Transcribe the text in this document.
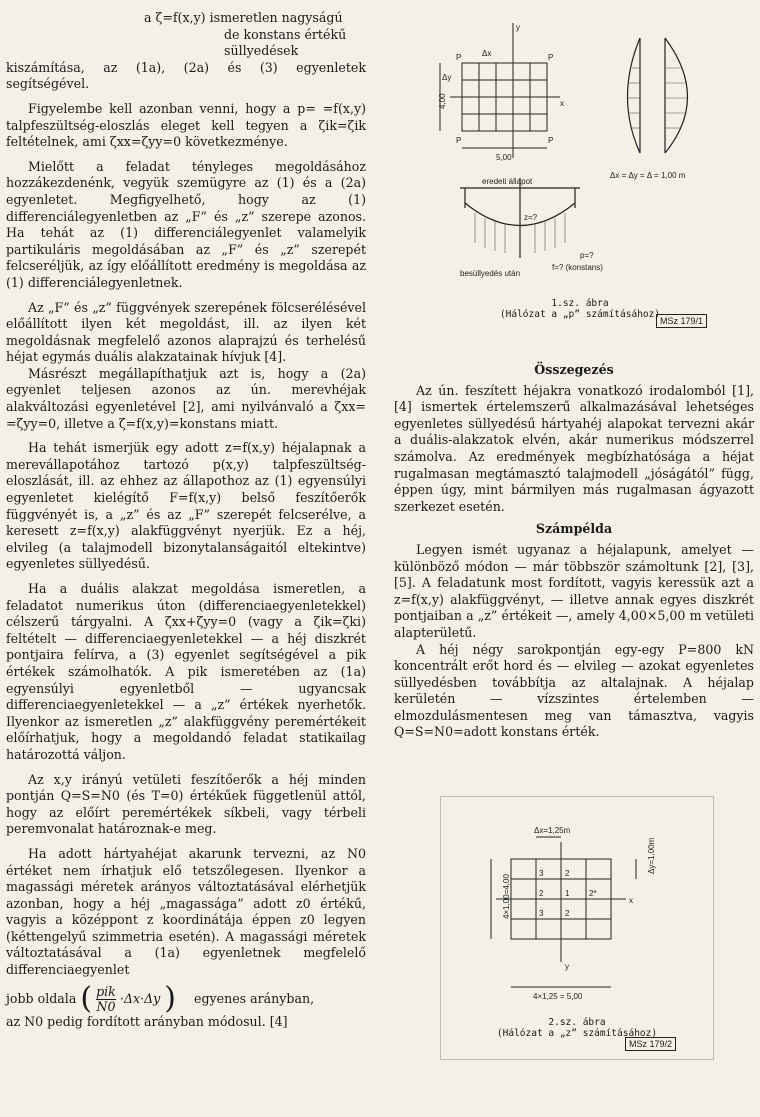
a ζ=f(x,y) ismeretlen nagyságú

de konstans értékű

süllyedések

kiszámítása, az (1a), (2a) és (3) egyenletek segítségével.

Figyelembe kell azonban venni, hogy a p= =f(x,y) talpfeszültség-eloszlás eleget kell tegyen a ζik=ζik feltételnek, ami ζxx=ζyy=0 következménye.

Mielőtt a feladat tényleges megoldásához hozzákezdenénk, vegyük szemügyre az (1) és a (2a) egyenletet. Megfigyelhető, hogy az (1) differenciálegyenletben az „F” és „z” szerepe azonos. Ha tehát az (1) differenciálegyenlet valamelyik partikuláris megoldásában az „F” és „z” szerepét felcseréljük, az így előállított eredmény is megoldása az (1) differenciálegyenletnek.

Az „F” és „z” függvények szerepének fölcserélésével előállított ilyen két megoldást, ill. az ilyen két megoldásnak megfelelő azonos alaprajzú és terhelésű héjat egymás duális alakzatainak hívjuk [4].

Másrészt megállapíthatjuk azt is, hogy a (2a) egyenlet teljesen azonos az ún. merevhéjak alakváltozási egyenletével [2], ami nyilvánvaló a ζxx= =ζyy=0, illetve a ζ=f(x,y)=konstans miatt.

Ha tehát ismerjük egy adott z=f(x,y) héjalapnak a merevállapotához tartozó p(x,y) talpfeszültség-eloszlását, ill. az ehhez az állapothoz az (1) egyensúlyi egyenletet kielégítő F=f(x,y) belső feszítőerők függvényét is, a „z” és az „F” szerepét felcserélve, a keresett z=f(x,y) alakfüggvényt nyerjük. Ez a héj, elvileg (a talajmodell bizonytalanságaitól eltekintve) egyenletes süllyedésű.

Ha a duális alakzat megoldása ismeretlen, a feladatot numerikus úton (differenciaegyenletekkel) célszerű tárgyalni. A ζxx+ζyy=0 (vagy a ζik=ζki) feltételt — differenciaegyenletekkel — a héj diszkrét pontjaira felírva, a (3) egyenlet segítségével a pik értékek számolhatók. A pik ismeretében az (1a) egyensúlyi egyenletből — ugyancsak differenciaegyenletekkel — a „z” értékek nyerhetők. Ilyenkor az ismeretlen „z” alakfüggvény peremértékeit előírhatjuk, hogy a megoldandó feladat statikailag határozottá váljon.

Az x,y irányú vetületi feszítőerők a héj minden pontján Q=S=N0 (és T=0) értékűek függetlenül attól, hogy az előírt peremértékek síkbeli, vagy térbeli peremvonalat határoznak-e meg.

Ha adott hártyahéjat akarunk tervezni, az N0 értéket nem írhatjuk elő tetszőlegesen. Ilyenkor a magassági méretek arányos változtatásával elérhetjük azonban, hogy a héj „magassága” adott z0 értékű, vagyis a középpont z koordinátája éppen z0 legyen (kéttengelyű szimmetria esetén). A magassági méretek változtatásával a (1a) egyenletnek megfelelő differenciaegyenlet

jobb oldala ( $\frac{\text{pik}}{N0} \cdot\Delta x\cdot\Delta y$ ) egyenes arányban,

az N0 pedig fordított arányban módosul. [4]

y
x
P	P
P	P
Δx
Δy
5,00
4,00
Δx = Δy = Δ = 1,00 m
eredeti állapot
z=?
p=?
f=? (konstans)
besüllyedés után
1.sz. ábra
(Hálózat a „p” számításához)
MSz 179/1
Összegezés

Az ún. feszített héjakra vonatkozó irodalomból [1], [4] ismertek értelemszerű alkalmazásával lehetséges egyenletes süllyedésű hártyahéj alapokat tervezni akár a duális-alakzatok elvén, akár numerikus módszerrel számolva. Az eredmények megbízhatósága a héjat rugalmasan megtámasztó talajmodell „jóságától” függ, éppen úgy, mint bármilyen más rugalmasan ágyazott szerkezet esetén.

Számpélda

Legyen ismét ugyanaz a héjalapunk, amelyet — különböző módon — már többször számoltunk [2], [3], [5]. A feladatunk most fordított, vagyis keressük azt a z=f(x,y) alakfüggvényt, — illetve annak egyes diszkrét pontjaiban a „z” értékeit —, amely 4,00×5,00 m vetületi alapterületű.

A héj négy sarokpontján egy-egy P=800 kN koncentrált erőt hord és — elvileg — azokat egyenletes süllyedésben továbbítja az altalajnak. A héjalap kerületén — vízszintes értelemben — elmozdulásmentesen meg van támasztva, vagyis Q=S=N0=adott konstans érték.

Δx=1,25m
Δy=1,00m
4×1,25 = 5,00
4×1,00=4,00
3	2
2	1 2*
3	2
y
x
2.sz. ábra
(Hálózat a „z” számításához)
MSz 179/2
